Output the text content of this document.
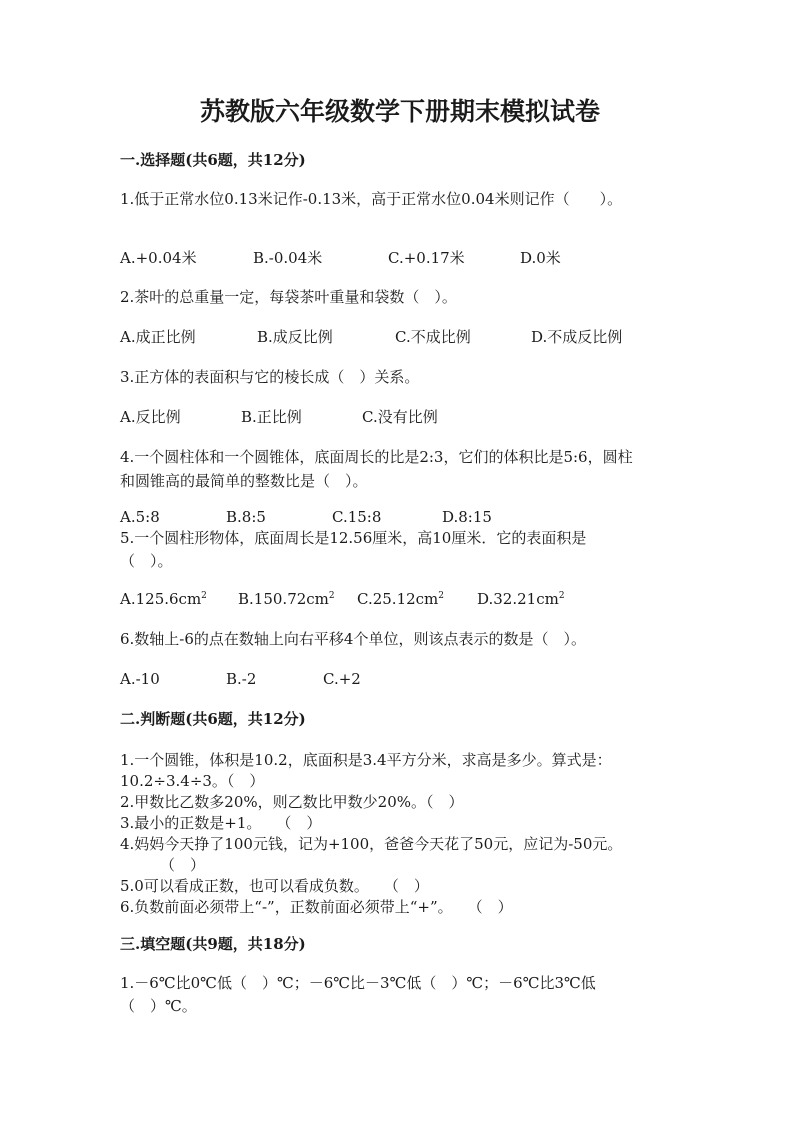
苏教版六年级数学下册期末模拟试卷
一.选择题(共6题，共12分)
1.低于正常水位0.13米记作-0.13米，高于正常水位0.04米则记作（　　）。
A.+0.04米	B.-0.04米	C.+0.17米	D.0米
2.茶叶的总重量一定，每袋茶叶重量和袋数（　）。
A.成正比例	B.成反比例	C.不成比例	D.不成反比例
3.正方体的表面积与它的棱长成（　）关系。
A.反比例	B.正比例	C.没有比例
4.一个圆柱体和一个圆锥体，底面周长的比是2:3，它们的体积比是5:6，圆柱
和圆锥高的最简单的整数比是（　）。
A.5:8	B.8:5	C.15:8	D.8:15
5.一个圆柱形物体，底面周长是12.56厘米，高10厘米．它的表面积是
（　）。
$A.125.6cm^2$ $B.150.72cm^2$ $C.25.12cm^2$ $D.32.21cm^2$
6.数轴上-6的点在数轴上向右平移4个单位，则该点表示的数是（　）。
A.-10	B.-2	C.+2
二.判断题(共6题，共12分)
1.一个圆锥，体积是10.2，底面积是3.4平方分米，求高是多少。算式是：
10.2÷3.4÷3。（　）
2.甲数比乙数多20%，则乙数比甲数少20%。（　）
3.最小的正数是+1。　　（　）
4.妈妈今天挣了100元钱，记为+100，爸爸今天花了50元，应记为-50元。
（　）
5.0可以看成正数，也可以看成负数。　　（　）
6.负数前面必须带上“-”，正数前面必须带上“+”。　　（　）
三.填空题(共9题，共18分)
1.－6℃比0℃低（　）℃；－6℃比－3℃低（　）℃；－6℃比3℃低
（　）℃。
